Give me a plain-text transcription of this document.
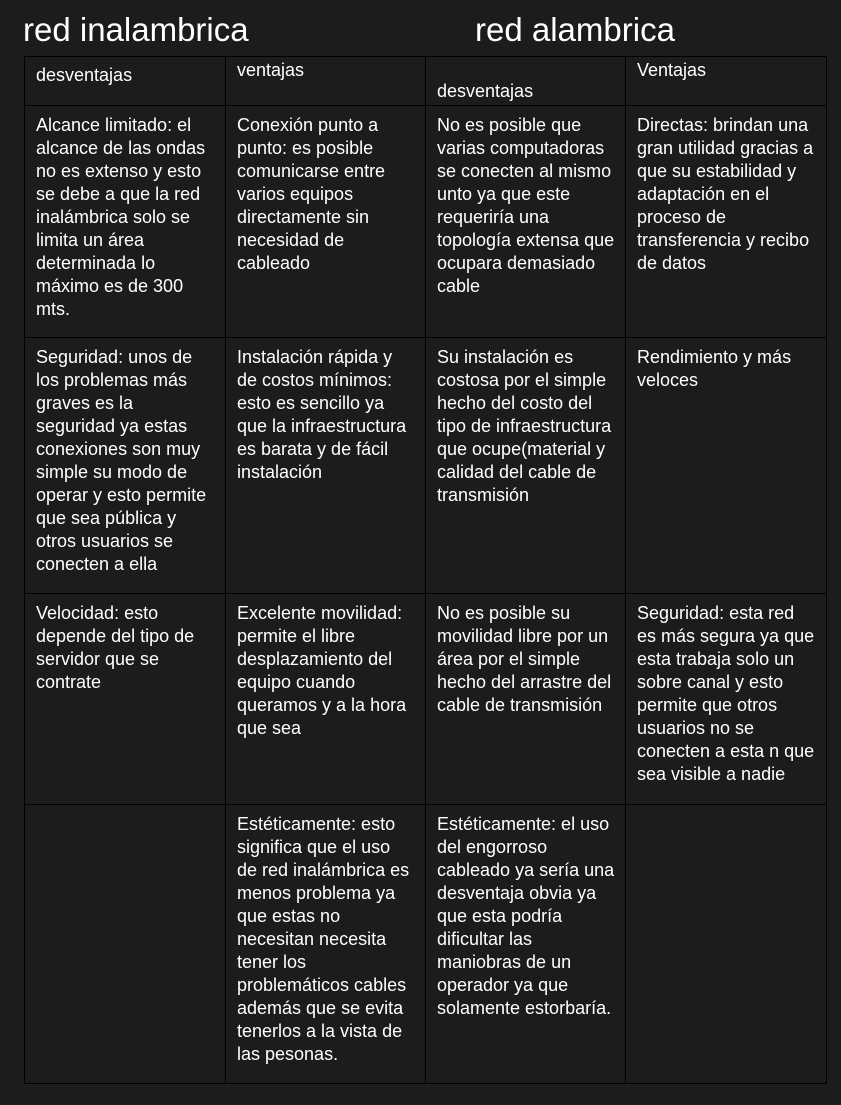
red inalambrica	red alambrica
desventajas	ventajas	desventajas	Ventajas
Alcance limitado: el alcance de las ondas no es extenso y esto se debe a que la red inalámbrica solo se limita un área determinada lo máximo es de 300 mts.	Conexión punto a punto: es posible comunicarse entre varios equipos directamente sin necesidad de cableado	No es posible que varias computadoras se conecten al mismo unto ya que este requeriría una topología extensa que ocupara demasiado cable	Directas: brindan una gran utilidad gracias a que su estabilidad y adaptación en el proceso de transferencia y recibo de datos
Seguridad: unos de los problemas más graves es la seguridad ya estas conexiones son muy simple su modo de operar y esto permite que sea pública y otros usuarios se conecten a ella	Instalación rápida y de costos mínimos: esto es sencillo ya que la infraestructura es barata y de fácil instalación	Su instalación es costosa por el simple hecho del costo del tipo de infraestructura que ocupe(material y calidad del cable de transmisión	Rendimiento y más veloces
Velocidad: esto depende del tipo de servidor que se contrate	Excelente movilidad: permite el libre desplazamiento del equipo cuando queramos y a la hora que sea	No es posible su movilidad libre por un área por el simple hecho del arrastre del cable de transmisión	Seguridad: esta red es más segura ya que esta trabaja solo un sobre canal y esto permite que otros usuarios no se conecten a esta n que sea visible a nadie
	Estéticamente: esto significa que el uso de red inalámbrica es menos problema ya que estas no necesitan necesita tener los problemáticos cables además que se evita tenerlos a la vista de las pesonas.	Estéticamente: el uso del engorroso cableado ya sería una desventaja obvia ya que esta podría dificultar las maniobras de un operador ya que solamente estorbaría.	
